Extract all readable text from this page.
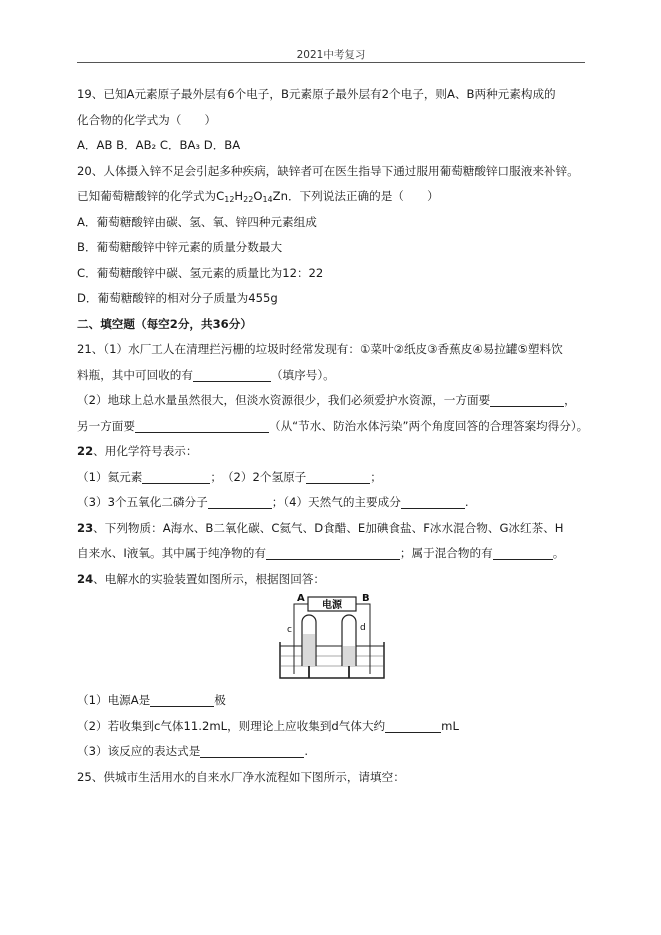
2021中考复习
19、已知A元素原子最外层有6个电子，B元素原子最外层有2个电子，则A、B两种元素构成的
化合物的化学式为（　　）
A．AB B．AB₂ C．BA₃ D．BA
20、人体摄入锌不足会引起多种疾病，缺锌者可在医生指导下通过服用葡萄糖酸锌口服液来补锌。
已知葡萄糖酸锌的化学式为$C_{12}H_{22}O_{14}Zn$．下列说法正确的是（　　）
A．葡萄糖酸锌由碳、氢、氧、锌四种元素组成
B．葡萄糖酸锌中锌元素的质量分数最大
C．葡萄糖酸锌中碳、氢元素的质量比为12：22
D．葡萄糖酸锌的相对分子质量为455g
二、填空题（每空2分，共36分）
21、（1）水厂工人在清理拦污栅的垃圾时经常发现有：①菜叶②纸皮③香蕉皮④易拉罐⑤塑料饮
料瓶，其中可回收的有	（填序号）。
（2）地球上总水量虽然很大，但淡水资源很少，我们必须爱护水资源，一方面要	，
另一方面要	（从“节水、防治水体污染”两个角度回答的合理答案均得分）。
22、用化学符号表示：
（1）氦元素	；　（2）2个氢原子	；
（3）3个五氧化二磷分子	；（4）天然气的主要成分	.
23、下列物质：A海水、B二氧化碳、C氦气、D食醋、E加碘食盐、F冰水混合物、G冰红茶、H
自来水、I液氧。其中属于纯净物的有	；属于混合物的有	。
24、电解水的实验装置如图所示，根据图回答：
电源
A	B
c	d
（1）电源A是	极
（2）若收集到c气体11.2mL，则理论上应收集到d气体大约	mL
（3）该反应的表达式是	.
25、供城市生活用水的自来水厂净水流程如下图所示，请填空：
